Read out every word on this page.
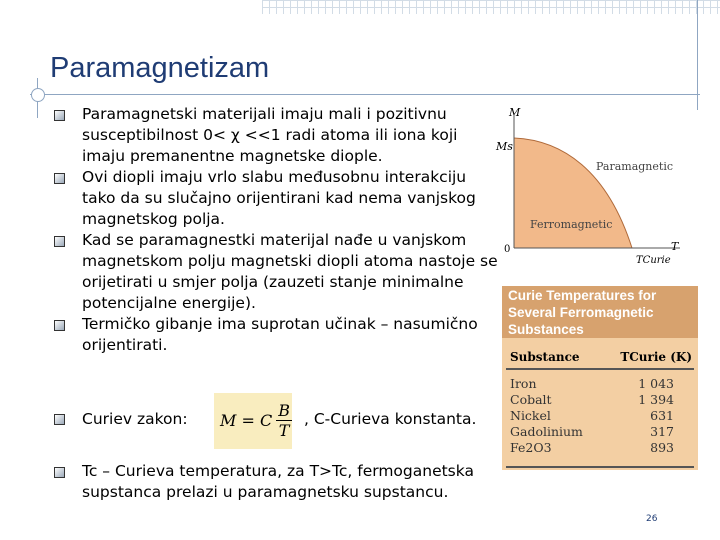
Paramagnetizam
Paramagnetski materijali imaju mali i pozitivnu susceptibilnost 0< χ <<1 radi atoma ili iona koji imaju premanentne magnetske diople.
Ovi diopli imaju vrlo slabu međusobnu interakciju tako da su slučajno orijentirani kad nema vanjskog magnetskog polja.
Kad se paramagnestki materijal nađe u vanjskom magnetskom polju magnetski diopli atoma nastoje se orijetirati u smjer polja (zauzeti stanje minimalne potencijalne energije).
Termičko gibanje ima suprotan učinak – nasumično orijentirati.
Curiev zakon: M = C $\frac{B}{T}$ , C-Curieva konstanta.
Tc – Curieva temperatura, za T>Tc, fermoganetska supstanca prelazi u paramagnetsku supstancu.
M
Ms
0	T
TCurie
Paramagnetic
Ferromagnetic
Curie Temperatures for
Several Ferromagnetic
Substances
Substance	TCurie (K)
Iron	1 043
Cobalt	1 394
Nickel	631
Gadolinium	317
Fe2O3	893
26
